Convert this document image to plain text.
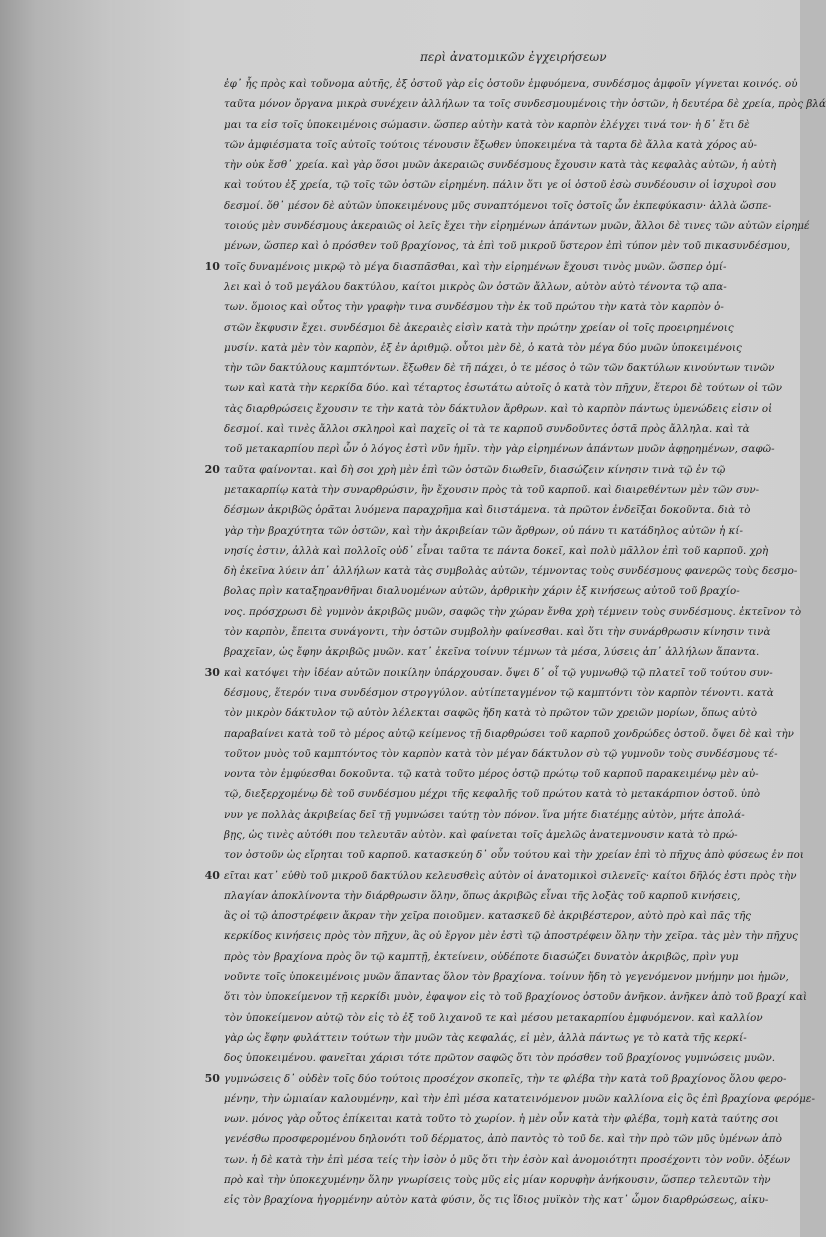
περὶ ἀνατομικῶν ἐγχειρήσεων
ἐφ᾽ ἧς πρὸς καὶ τοὔνομα αὐτῆς, ἐξ ὀστοῦ γὰρ εἰς ὀστοῦν ἐμφυόμενα, συνδέσμος ἀμφοῖν γίγνεται κοινός. οὐ
ταῦτα μόνον ὄργανα μικρὰ συνέχειν ἀλλήλων τα τοῖς συνδεσμουμένοις τὴν ὀστῶν, ἡ δευτέρα δὲ χρεία, πρὸς βλά
μαι τα εἰσ τοῖς ὑποκειμένοις σώμασιν. ὥσπερ αὐτὴν κατὰ τὸν καρπὸν ἐλέγχει τινά τον· ἡ δ᾽ ἔτι δὲ
τῶν ἀμφιέσματα τοῖς αὐτοῖς τούτοις τένουσιν ἔξωθεν ὑποκειμένα τὰ ταρτα δὲ ἄλλα κατὰ χόρος αὐ-
τὴν οὐκ ἔσθ᾽ χρεία. καὶ γὰρ ὅσοι μυῶν ἀκεραιῶς συνδέσμους ἔχουσιν κατὰ τὰς κεφαλὰς αὐτῶν, ἡ αὐτὴ
καὶ τούτου ἐξ χρεία, τῷ τοῖς τῶν ὀστῶν εἰρημένη. πάλιν ὅτι γε οἱ ὀστοῦ ἐσὼ συνδέουσιν οἱ ἰσχυροὶ σου
δεσμοί. ὅθ᾽ μέσον δὲ αὐτῶν ὑποκειμένους μῦς συναπτόμενοι τοῖς ὀστοῖς ὧν ἐκπεφύκασιν· ἀλλὰ ὥσπε-
τοιούς μὲν συνδέσμους ἀκεραιῶς οἱ λεῖς ἔχει τὴν εἰρημένων ἁπάντων μυῶν, ἄλλοι δὲ τινες τῶν αὐτῶν εἰρημέ
μένων, ὥσπερ καὶ ὁ πρόσθεν τοῦ βραχίονος, τὰ ἐπὶ τοῦ μικροῦ ὕστερον ἐπὶ τύπον μὲν τοῦ πικασυνδέσμου,
10 τοῖς δυναμένοις μικρῷ τὸ μέγα διασπᾶσθαι, καὶ τὴν εἰρημένων ἔχουσι τινὸς μυῶν. ὥσπερ ὁμί-
λει καὶ ὁ τοῦ μεγάλου δακτύλου, καίτοι μικρὸς ὢν ὀστῶν ἄλλων, αὐτὸν αὐτὸ τένοντα τῷ απα-
των. ὅμοιος καὶ οὗτος τὴν γραφὴν τινα συνδέσμου τὴν ἐκ τοῦ πρώτου τὴν κατὰ τὸν καρπὸν ὁ-
στῶν ἔκφυσιν ἔχει. συνδέσμοι δὲ ἀκεραιὲς εἰσὶν κατὰ τὴν πρώτην χρείαν οἱ τοῖς προειρημένοις
μυσίν. κατὰ μὲν τὸν καρπὸν, ἐξ ἐν ἀριθμῷ. οὗτοι μὲν δὲ, ὁ κατὰ τὸν μέγα δύο μυῶν ὑποκειμένοις
τὴν τῶν δακτύλους καμπτόντων. ἔξωθεν δὲ τῆ πάχει, ὁ τε μέσος ὁ τῶν τῶν δακτύλων κινούντων τινῶν
των καὶ κατὰ τὴν κερκίδα δύο. καὶ τέταρτος ἐσωτάτω αὐτοῖς ὁ κατὰ τὸν πῆχυν, ἕτεροι δὲ τούτων οἱ τῶν
τὰς διαρθρώσεις ἔχουσιν τε τὴν κατὰ τὸν δάκτυλον ἄρθρων. καὶ τὸ καρπὸν πάντως ὑμενώδεις εἰσιν οἱ
δεσμοί. καὶ τινὲς ἄλλοι σκληροὶ καὶ παχεῖς οἱ τὰ τε καρποῦ συνδοῦντες ὀστᾶ πρὸς ἄλληλα. καὶ τὰ
τοῦ μετακαρπίου περὶ ὧν ὁ λόγος ἐστὶ νῦν ἡμῖν. τὴν γὰρ εἰρημένων ἁπάντων μυῶν ἀφῃρημένων, σαφῶ-
20 ταῦτα φαίνονται. καὶ δὴ σοι χρὴ μὲν ἐπὶ τῶν ὀστῶν διωθεῖν, διασώζειν κίνησιν τινὰ τῷ ἐν τῷ
μετακαρπίῳ κατὰ τὴν συναρθρώσιν, ἣν ἔχουσιν πρὸς τὰ τοῦ καρποῦ. καὶ διαιρεθέντων μὲν τῶν συν-
δέσμων ἀκριβῶς ὁρᾶται λυόμενα παραχρῆμα καὶ διιστάμενα. τὰ πρῶτον ἐνδεῖξαι δοκοῦντα. διὰ τὸ
γὰρ τὴν βραχύτητα τῶν ὀστῶν, καὶ τὴν ἀκριβείαν τῶν ἄρθρων, οὐ πάνυ τι κατάδηλος αὐτῶν ἡ κί-
νησίς ἐστιν, ἀλλὰ καὶ πολλοῖς οὐδ᾽ εἶναι ταῦτα τε πάντα δοκεῖ, καὶ πολὺ μᾶλλον ἐπὶ τοῦ καρποῦ. χρὴ
δὴ ἐκεῖνα λύειν ἀπ᾽ ἀλλήλων κατὰ τὰς συμβολὰς αὐτῶν, τέμνοντας τοὺς συνδέσμους φανερῶς τοὺς δεσμο-
βολας πρὶν καταξηρανθῆναι διαλυομένων αὐτῶν, ἀρθρικὴν χάριν ἐξ κινήσεως αὐτοῦ τοῦ βραχίο-
νος. πρόσχρωσι δὲ γυμνὸν ἀκριβῶς μυῶν, σαφῶς τὴν χώραν ἔνθα χρὴ τέμνειν τοὺς συνδέσμους. ἐκτεῖνον τὸ
τὸν καρπὸν, ἔπειτα συνάγοντι, τὴν ὀστῶν συμβολὴν φαίνεσθαι. καὶ ὅτι τὴν συνάρθρωσιν κίνησιν τινὰ
βραχεῖαν, ὡς ἔφην ἀκριβῶς μυῶν. κατ᾽ ἐκεῖνα τοίνυν τέμνων τὰ μέσα, λύσεις ἀπ᾽ ἀλλήλων ἅπαντα.
30 καὶ κατόψει τὴν ἰδέαν αὐτῶν ποικίλην ὑπάρχουσαν. ὄψει δ᾽ οἷ τῷ γυμνωθῷ τῷ πλατεῖ τοῦ τούτου συν-
δέσμους, ἕτερόν τινα συνδέσμον στρογγύλον. αὐτίπεταγμένον τῷ καμπτόντι τὸν καρπὸν τένοντι. κατὰ
τὸν μικρὸν δάκτυλον τῷ αὐτὸν λέλεκται σαφῶς ἤδη κατὰ τὸ πρῶτον τῶν χρειῶν μορίων, ὅπως αὐτὸ
παραβαίνει κατὰ τοῦ τὸ μέρος αὐτῷ κείμενος τῇ διαρθρώσει τοῦ καρποῦ χονδρώδες ὀστοῦ. ὄψει δὲ καὶ τὴν
τοῦτον μυὸς τοῦ καμπτόντος τὸν καρπὸν κατὰ τὸν μέγαν δάκτυλον σὺ τῷ γυμνοῦν τοὺς συνδέσμους τέ-
νοντα τὸν ἐμφύεσθαι δοκοῦντα. τῷ κατὰ τοῦτο μέρος ὀστῷ πρώτῳ τοῦ καρποῦ παρακειμένῳ μὲν αὐ-
τῷ, διεξερχομένῳ δὲ τοῦ συνδέσμου μέχρι τῆς κεφαλῆς τοῦ πρώτου κατὰ τὸ μετακάρπιον ὀστοῦ. ὑπὸ
νυν γε πολλὰς ἀκριβείας δεῖ τῇ γυμνώσει ταύτῃ τὸν πόνον. ἵνα μήτε διατέμῃς αὐτὸν, μήτε ἀπολά-
βῃς, ὡς τινὲς αὐτόθι που τελευτᾶν αὐτὸν. καὶ φαίνεται τοῖς ἀμελῶς ἀνατεμνουσιν κατὰ τὸ πρώ-
τον ὀστοῦν ὡς εἴρηται τοῦ καρποῦ. κατασκεύη δ᾽ οὖν τούτου καὶ τὴν χρείαν ἐπὶ τὸ πῆχυς ἀπὸ φύσεως ἐν ποι
40 εῖται κατ᾽ εὐθὺ τοῦ μικροῦ δακτύλου κελευσθεὶς αὐτὸν οἱ ἀνατομικοὶ σιλενεῖς· καίτοι δῆλός ἐστι πρὸς τὴν
πλαγίαν ἀποκλίνοντα τὴν διάρθρωσιν ὅλην, ὅπως ἀκριβῶς εἶναι τῆς λοξὰς τοῦ καρποῦ κινήσεις,
ἃς οἱ τῷ ἀποστρέφειν ἄκραν τὴν χεῖρα ποιοῦμεν. κατασκεῦ δὲ ἀκριβέστερον, αὐτὸ πρὸ καὶ πᾶς τῆς
κερκίδος κινήσεις πρὸς τὸν πῆχυν, ἃς οὐ ἔργον μὲν ἐστὶ τῷ ἀποστρέφειν ὅλην τὴν χεῖρα. τὰς μὲν τὴν πῆχυς
πρὸς τὸν βραχίονα πρὸς ὃν τῷ καμπτῇ, ἐκτείνειν, οὐδέποτε διασώζει δυνατὸν ἀκριβῶς, πρὶν γυμ
νοῦντε τοῖς ὑποκειμένοις μυῶν ἅπαντας ὅλον τὸν βραχίονα. τοίνυν ἤδη τὸ γεγενόμενον μνήμην μοι ἡμῶν,
ὅτι τὸν ὑποκείμενον τῇ κερκίδι μυὸν, ἐφαψον εἰς τὸ τοῦ βραχίονος ὀστοῦν ἀνῆκον. ἀνῆκεν ἀπὸ τοῦ βραχί καὶ
τὸν ὑποκείμενον αὐτῷ τὸν εἰς τὸ ἐξ τοῦ λιχανοῦ τε καὶ μέσου μετακαρπίου ἐμφυόμενον. καὶ καλλίον
γὰρ ὡς ἔφην φυλάττειν τούτων τὴν μυῶν τὰς κεφαλάς, εἰ μὲν, ἀλλὰ πάντως γε τὸ κατὰ τῆς κερκί-
δος ὑποκειμένου. φανεῖται χάρισι τότε πρῶτον σαφῶς ὅτι τὸν πρόσθεν τοῦ βραχίονος γυμνώσεις μυῶν.
50 γυμνώσεις δ᾽ οὐδὲν τοῖς δύο τούτοις προσέχον σκοπεῖς, τὴν τε φλέβα τὴν κατὰ τοῦ βραχίονος ὅλου φερο-
μένην, τὴν ὠμιαίαν καλουμένην, καὶ τὴν ἐπὶ μέσα κατατεινόμενον μυῶν καλλίονα εἰς ὃς ἐπὶ βραχίονα φερόμε-
νων. μόνος γὰρ οὗτος ἐπίκειται κατὰ τοῦτο τὸ χωρίον. ἡ μὲν οὖν κατὰ τὴν φλέβα, τομὴ κατὰ ταύτης σοι
γενέσθω προσφερομένου δηλονότι τοῦ δέρματος, ἀπὸ παντὸς τὸ τοῦ δε. καὶ τὴν πρὸ τῶν μῦς ὑμένων ἀπὸ
των. ἡ δὲ κατὰ τὴν ἐπὶ μέσα τείς τὴν ἰσὸν ὁ μῦς ὅτι τὴν ἐσὸν καὶ ἀνομοιότητι προσέχοντι τὸν νοῦν. ὀξέων
πρὸ καὶ τὴν ὑποκεχυμένην ὅλην γνωρίσεις τοὺς μῦς εἰς μίαν κορυφὴν ἀνήκουσιν, ὥσπερ τελευτῶν τὴν
εἰς τὸν βραχίονα ἠγορμένην αὐτὸν κατὰ φύσιν, ὅς τις ἴδιος μυϊκὸν τὴς κατ᾽ ὦμον διαρθρώσεως, αἰκυ-
